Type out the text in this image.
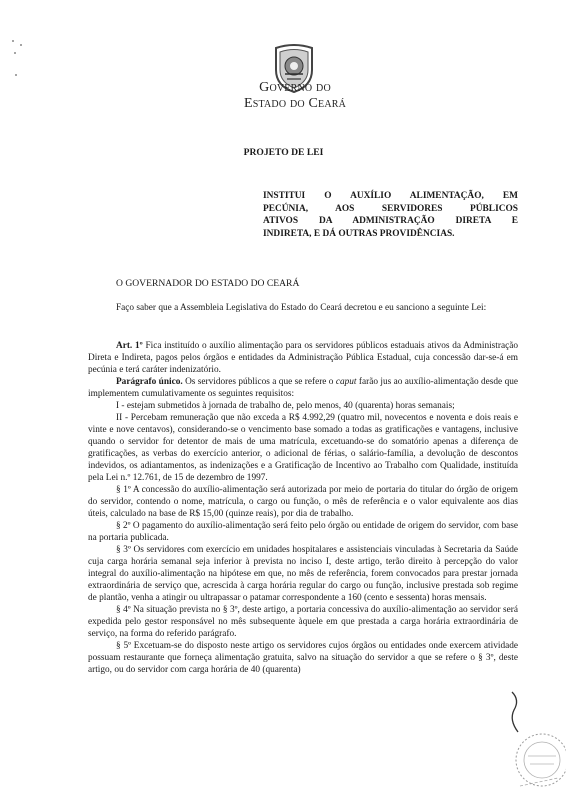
Governo do
Estado do Ceará
PROJETO DE LEI
INSTITUI O AUXÍLIO ALIMENTAÇÃO, EM
PECÚNIA, AOS SERVIDORES PÚBLICOS
ATIVOS DA ADMINISTRAÇÃO DIRETA E
INDIRETA, E DÁ OUTRAS PROVIDÊNCIAS.
O GOVERNADOR DO ESTADO DO CEARÁ
Faço saber que a Assembleia Legislativa do Estado do Ceará decretou e eu sanciono a seguinte Lei:

Art. 1º Fica instituído o auxílio alimentação para os servidores públicos estaduais ativos da Administração Direta e Indireta, pagos pelos órgãos e entidades da Administração Pública Estadual, cuja concessão dar-se-á em pecúnia e terá caráter indenizatório.

Parágrafo único. Os servidores públicos a que se refere o caput farão jus ao auxílio-alimentação desde que implementem cumulativamente os seguintes requisitos:

I - estejam submetidos à jornada de trabalho de, pelo menos, 40 (quarenta) horas semanais;

II - Percebam remuneração que não exceda a R$ 4.992,29 (quatro mil, novecentos e noventa e dois reais e vinte e nove centavos), considerando-se o vencimento base somado a todas as gratificações e vantagens, inclusive quando o servidor for detentor de mais de uma matrícula, excetuando-se do somatório apenas a diferença de gratificações, as verbas do exercício anterior, o adicional de férias, o salário-família, a devolução de descontos indevidos, os adiantamentos, as indenizações e a Gratificação de Incentivo ao Trabalho com Qualidade, instituída pela Lei n.º 12.761, de 15 de dezembro de 1997.

§ 1º A concessão do auxílio-alimentação será autorizada por meio de portaria do titular do órgão de origem do servidor, contendo o nome, matrícula, o cargo ou função, o mês de referência e o valor equivalente aos dias úteis, calculado na base de R$ 15,00 (quinze reais), por dia de trabalho.

§ 2º O pagamento do auxílio-alimentação será feito pelo órgão ou entidade de origem do servidor, com base na portaria publicada.

§ 3º Os servidores com exercício em unidades hospitalares e assistenciais vinculadas à Secretaria da Saúde cuja carga horária semanal seja inferior à prevista no inciso I, deste artigo, terão direito à percepção do valor integral do auxílio-alimentação na hipótese em que, no mês de referência, forem convocados para prestar jornada extraordinária de serviço que, acrescida à carga horária regular do cargo ou função, inclusive prestada sob regime de plantão, venha a atingir ou ultrapassar o patamar correspondente a 160 (cento e sessenta) horas mensais.

§ 4º Na situação prevista no § 3º, deste artigo, a portaria concessiva do auxílio-alimentação ao servidor será expedida pelo gestor responsável no mês subsequente àquele em que prestada a carga horária extraordinária de serviço, na forma do referido parágrafo.

§ 5º Excetuam-se do disposto neste artigo os servidores cujos órgãos ou entidades onde exercem atividade possuam restaurante que forneça alimentação gratuita, salvo na situação do servidor a que se refere o § 3º, deste artigo, ou do servidor com carga horária de 40 (quarenta)
